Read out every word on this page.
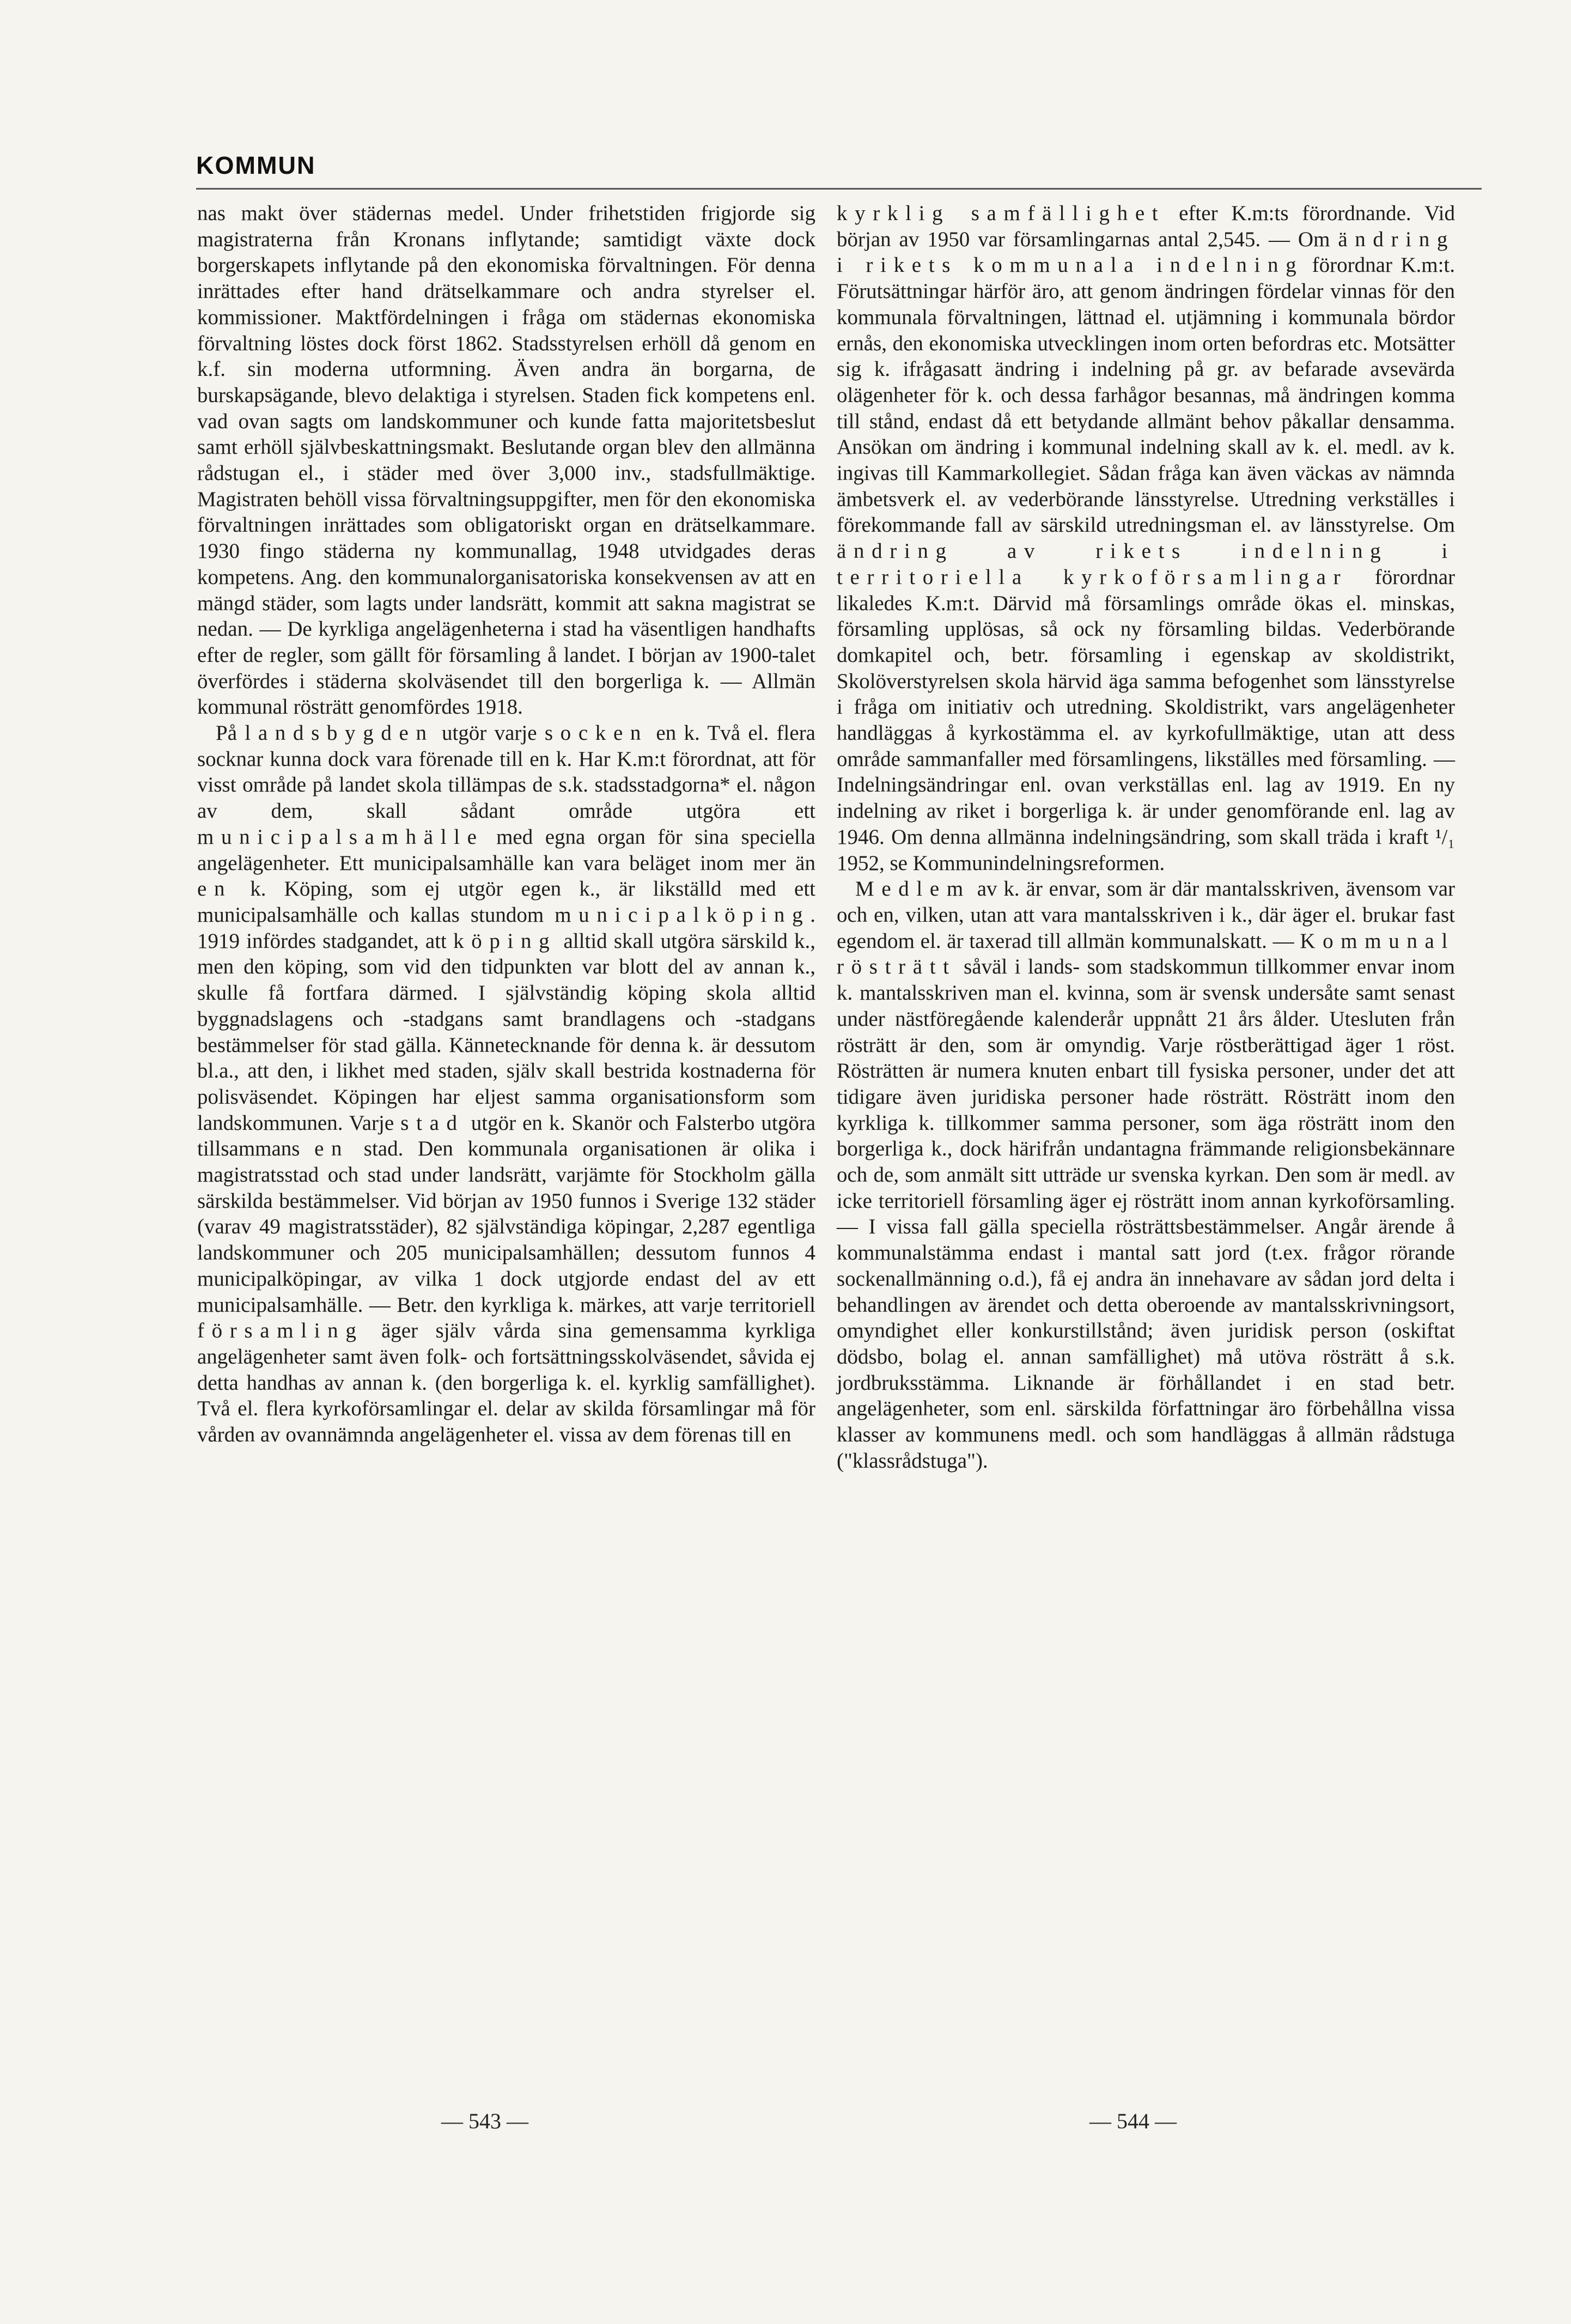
KOMMUN

nas makt över städernas medel. Under frihetstiden frigjorde sig magistraterna från Kronans inflytande; samtidigt växte dock borgerskapets inflytande på den ekonomiska förvaltningen. För denna inrättades efter hand drätselkammare och andra styrelser el. kommissioner. Maktfördelningen i fråga om städernas ekonomiska förvaltning löstes dock först 1862. Stadsstyrelsen erhöll då genom en k.f. sin moderna utformning. Även andra än borgarna, de burskapsägande, blevo delaktiga i styrelsen. Staden fick kompetens enl. vad ovan sagts om landskommuner och kunde fatta majoritetsbeslut samt erhöll självbeskattningsmakt. Beslutande organ blev den allmänna rådstugan el., i städer med över 3,000 inv., stadsfullmäktige. Magistraten behöll vissa förvaltningsuppgifter, men för den ekonomiska förvaltningen inrättades som obligatoriskt organ en drätselkammare. 1930 fingo städerna ny kommunallag, 1948 utvidgades deras kompetens. Ang. den kommunalorganisatoriska konsekvensen av att en mängd städer, som lagts under landsrätt, kommit att sakna magistrat se nedan. — De kyrkliga angelägenheterna i stad ha väsentligen handhafts efter de regler, som gällt för församling å landet. I början av 1900-talet överfördes i städerna skolväsendet till den borgerliga k. — Allmän kommunal rösträtt genomfördes 1918.

På landsbygden utgör varje socken en k. Två el. flera socknar kunna dock vara förenade till en k. Har K.m:t förordnat, att för visst område på landet skola tillämpas de s.k. stadsstadgorna* el. någon av dem, skall sådant område utgöra ett municipalsamhälle med egna organ för sina speciella angelägenheter. Ett municipalsamhälle kan vara beläget inom mer än en k. Köping, som ej utgör egen k., är likställd med ett municipalsamhälle och kallas stundom municipalköping. 1919 infördes stadgandet, att köping alltid skall utgöra särskild k., men den köping, som vid den tidpunkten var blott del av annan k., skulle få fortfara därmed. I självständig köping skola alltid byggnadslagens och -stadgans samt brandlagens och -stadgans bestämmelser för stad gälla. Kännetecknande för denna k. är dessutom bl.a., att den, i likhet med staden, själv skall bestrida kostnaderna för polisväsendet. Köpingen har eljest samma organisationsform som landskommunen. Varje stad utgör en k. Skanör och Falsterbo utgöra tillsammans en stad. Den kommunala organisationen är olika i magistratsstad och stad under landsrätt, varjämte för Stockholm gälla särskilda bestämmelser. Vid början av 1950 funnos i Sverige 132 städer (varav 49 magistratsstäder), 82 självständiga köpingar, 2,287 egentliga landskommuner och 205 municipalsamhällen; dessutom funnos 4 municipalköpingar, av vilka 1 dock utgjorde endast del av ett municipalsamhälle. — Betr. den kyrkliga k. märkes, att varje territoriell församling äger själv vårda sina gemensamma kyrkliga angelägenheter samt även folk- och fortsättningsskolväsendet, såvida ej detta handhas av annan k. (den borgerliga k. el. kyrklig samfällighet). Två el. flera kyrkoförsamlingar el. delar av skilda församlingar må för vården av ovannämnda angelägenheter el. vissa av dem förenas till en

kyrklig samfällighet efter K.m:ts förordnande. Vid början av 1950 var församlingarnas antal 2,545. — Om ändring i rikets kommunala indelning förordnar K.m:t. Förutsättningar härför äro, att genom ändringen fördelar vinnas för den kommunala förvaltningen, lättnad el. utjämning i kommunala bördor ernås, den ekonomiska utvecklingen inom orten befordras etc. Motsätter sig k. ifrågasatt ändring i indelning på gr. av befarade avsevärda olägenheter för k. och dessa farhågor besannas, må ändringen komma till stånd, endast då ett betydande allmänt behov påkallar densamma. Ansökan om ändring i kommunal indelning skall av k. el. medl. av k. ingivas till Kammarkollegiet. Sådan fråga kan även väckas av nämnda ämbetsverk el. av vederbörande länsstyrelse. Utredning verkställes i förekommande fall av särskild utredningsman el. av länsstyrelse. Om ändring av rikets indelning i territoriella kyrkoförsamlingar förordnar likaledes K.m:t. Därvid må församlings område ökas el. minskas, församling upplösas, så ock ny församling bildas. Vederbörande domkapitel och, betr. församling i egenskap av skoldistrikt, Skolöverstyrelsen skola härvid äga samma befogenhet som länsstyrelse i fråga om initiativ och utredning. Skoldistrikt, vars angelägenheter handläggas å kyrkostämma el. av kyrkofullmäktige, utan att dess område sammanfaller med församlingens, likställes med församling. — Indelningsändringar enl. ovan verkställas enl. lag av 1919. En ny indelning av riket i borgerliga k. är under genomförande enl. lag av 1946. Om denna allmänna indelningsändring, som skall träda i kraft ¹/₁ 1952, se Kommunindelningsreformen.

Medlem av k. är envar, som är där mantalsskriven, ävensom var och en, vilken, utan att vara mantalsskriven i k., där äger el. brukar fast egendom el. är taxerad till allmän kommunalskatt. — Kommunal rösträtt såväl i lands- som stadskommun tillkommer envar inom k. mantalsskriven man el. kvinna, som är svensk undersåte samt senast under nästföregående kalenderår uppnått 21 års ålder. Utesluten från rösträtt är den, som är omyndig. Varje röstberättigad äger 1 röst. Rösträtten är numera knuten enbart till fysiska personer, under det att tidigare även juridiska personer hade rösträtt. Rösträtt inom den kyrkliga k. tillkommer samma personer, som äga rösträtt inom den borgerliga k., dock härifrån undantagna främmande religionsbekännare och de, som anmält sitt utträde ur svenska kyrkan. Den som är medl. av icke territoriell församling äger ej rösträtt inom annan kyrkoförsamling. — I vissa fall gälla speciella rösträttsbestämmelser. Angår ärende å kommunalstämma endast i mantal satt jord (t.ex. frågor rörande sockenallmänning o.d.), få ej andra än innehavare av sådan jord delta i behandlingen av ärendet och detta oberoende av mantalsskrivningsort, omyndighet eller konkurstillstånd; även juridisk person (oskiftat dödsbo, bolag el. annan samfällighet) må utöva rösträtt å s.k. jordbruksstämma. Liknande är förhållandet i en stad betr. angelägenheter, som enl. särskilda författningar äro förbehållna vissa klasser av kommunens medl. och som handläggas å allmän rådstuga ("klassrådstuga").

— 543 —	— 544 —
